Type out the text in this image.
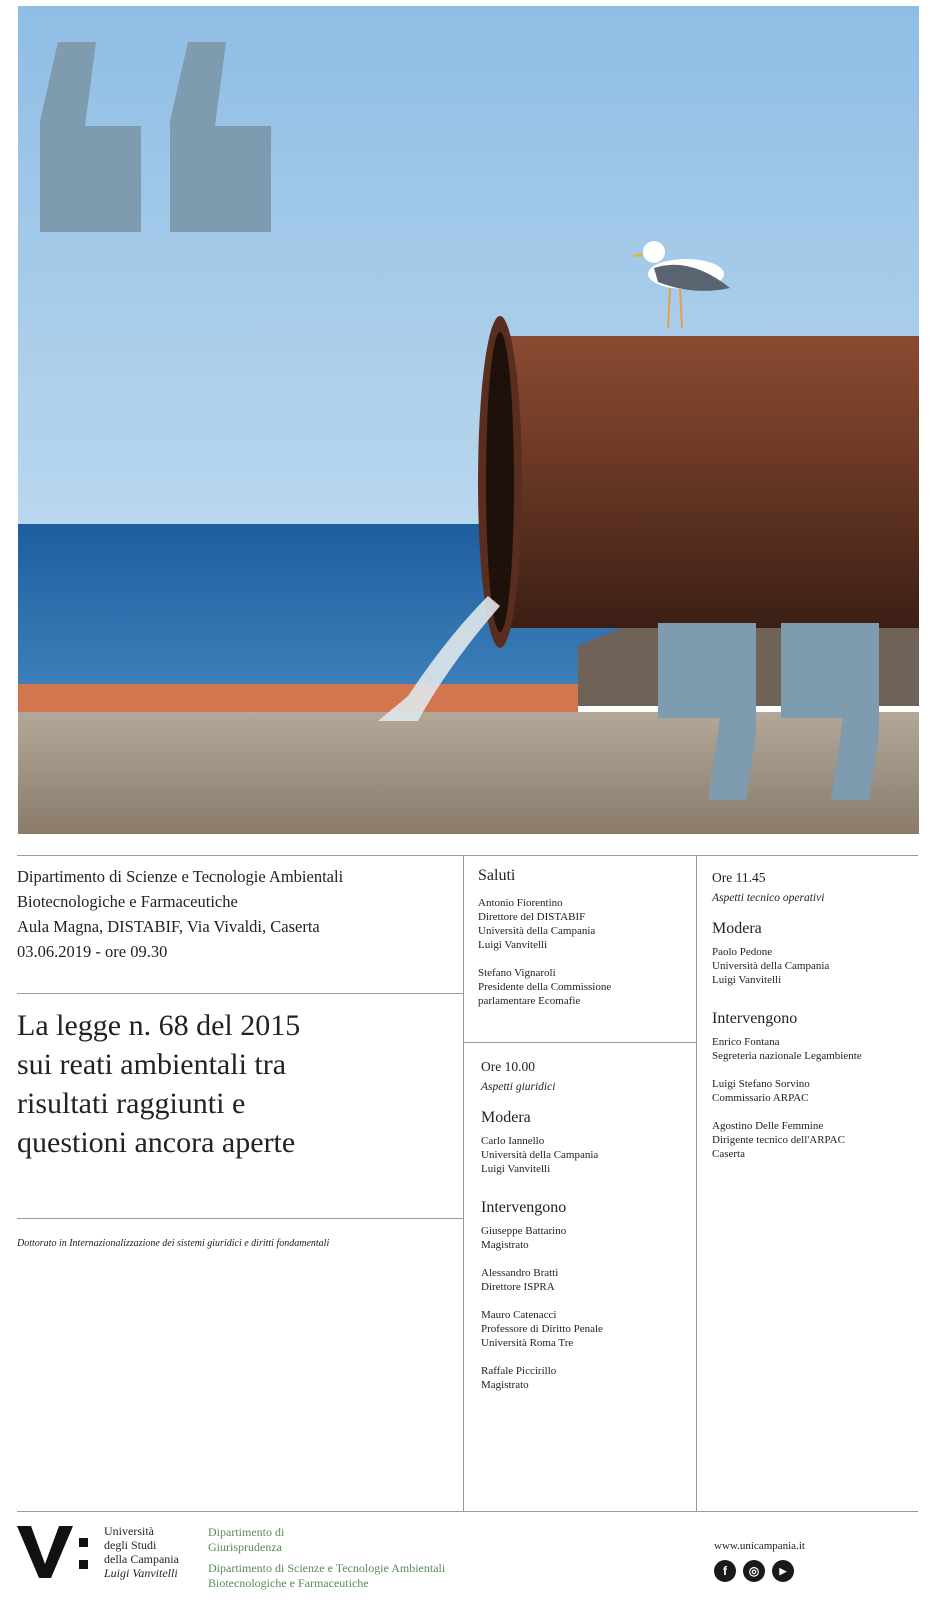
Dipartimento di Scienze e Tecnologie Ambientali
Biotecnologiche e Farmaceutiche
Aula Magna, DISTABIF, Via Vivaldi, Caserta
03.06.2019 - ore 09.30
La legge n. 68 del 2015
sui reati ambientali tra
risultati raggiunti e
questioni ancora aperte
Dottorato in Internazionalizzazione dei sistemi giuridici e diritti fondamentali
Saluti
Antonio Fiorentino
Direttore del DISTABIF
Università della Campania
Luigi Vanvitelli
Stefano Vignaroli
Presidente della Commissione
parlamentare Ecomafie
Ore 10.00
Aspetti giuridici
Modera
Carlo Iannello
Università della Campania
Luigi Vanvitelli
Intervengono
Giuseppe Battarino
Magistrato
Alessandro Bratti
Direttore ISPRA
Mauro Catenacci
Professore di Diritto Penale
Università Roma Tre
Raffale Piccirillo
Magistrato
Ore 11.45
Aspetti tecnico operativi
Modera
Paolo Pedone
Università della Campania
Luigi Vanvitelli
Intervengono
Enrico Fontana
Segreteria nazionale Legambiente
Luigi Stefano Sorvino
Commissario ARPAC
Agostino Delle Femmine
Dirigente tecnico dell'ARPAC
Caserta
Università
degli Studi
della Campania
Luigi Vanvitelli
Dipartimento di
Giurisprudenza
Dipartimento di Scienze e Tecnologie Ambientali
Biotecnologiche e Farmaceutiche
www.unicampania.it
f	◎	▶
